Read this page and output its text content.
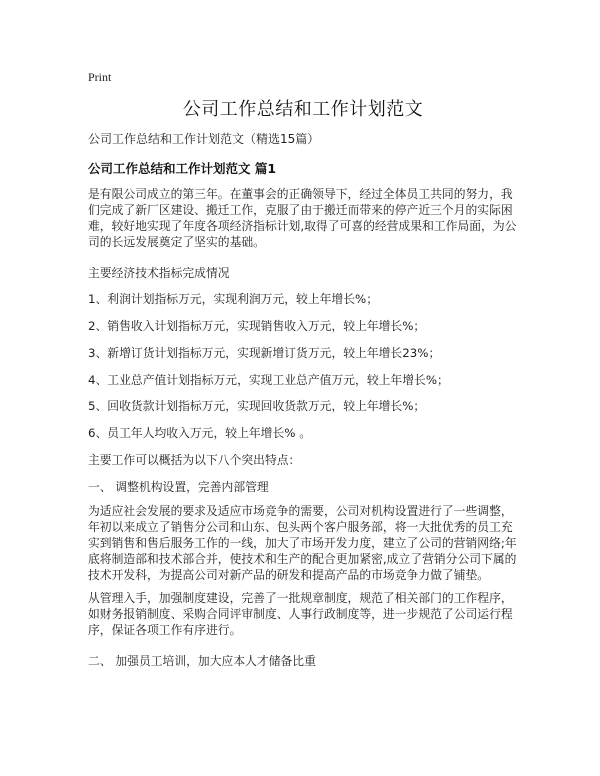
Print
公司工作总结和工作计划范文
公司工作总结和工作计划范文（精选15篇）
公司工作总结和工作计划范文 篇1
是有限公司成立的第三年。在董事会的正确领导下，经过全体员工共同的努力，我们完成了新厂区建设、搬迁工作，克服了由于搬迁而带来的停产近三个月的实际困难，较好地实现了年度各项经济指标计划,取得了可喜的经营成果和工作局面，为公司的长远发展奠定了坚实的基础。
主要经济技术指标完成情况
1、利润计划指标万元，实现利润万元，较上年增长%；
2、销售收入计划指标万元，实现销售收入万元，较上年增长%；
3、新增订货计划指标万元，实现新增订货万元，较上年增长23%；
4、工业总产值计划指标万元，实现工业总产值万元，较上年增长%；
5、回收货款计划指标万元，实现回收货款万元，较上年增长%；
6、员工年人均收入万元，较上年增长% 。
主要工作可以概括为以下八个突出特点：
一、 调整机构设置，完善内部管理
为适应社会发展的要求及适应市场竞争的需要，公司对机构设置进行了一些调整，年初以来成立了销售分公司和山东、包头两个客户服务部，将一大批优秀的员工充实到销售和售后服务工作的一线，加大了市场开发力度，建立了公司的营销网络;年底将制造部和技术部合并，使技术和生产的配合更加紧密,成立了营销分公司下属的技术开发科，为提高公司对新产品的研发和提高产品的市场竞争力做了铺垫。
从管理入手，加强制度建设，完善了一批规章制度，规范了相关部门的工作程序，如财务报销制度、采购合同评审制度、人事行政制度等，进一步规范了公司运行程序，保证各项工作有序进行。
二、 加强员工培训，加大应本人才储备比重
